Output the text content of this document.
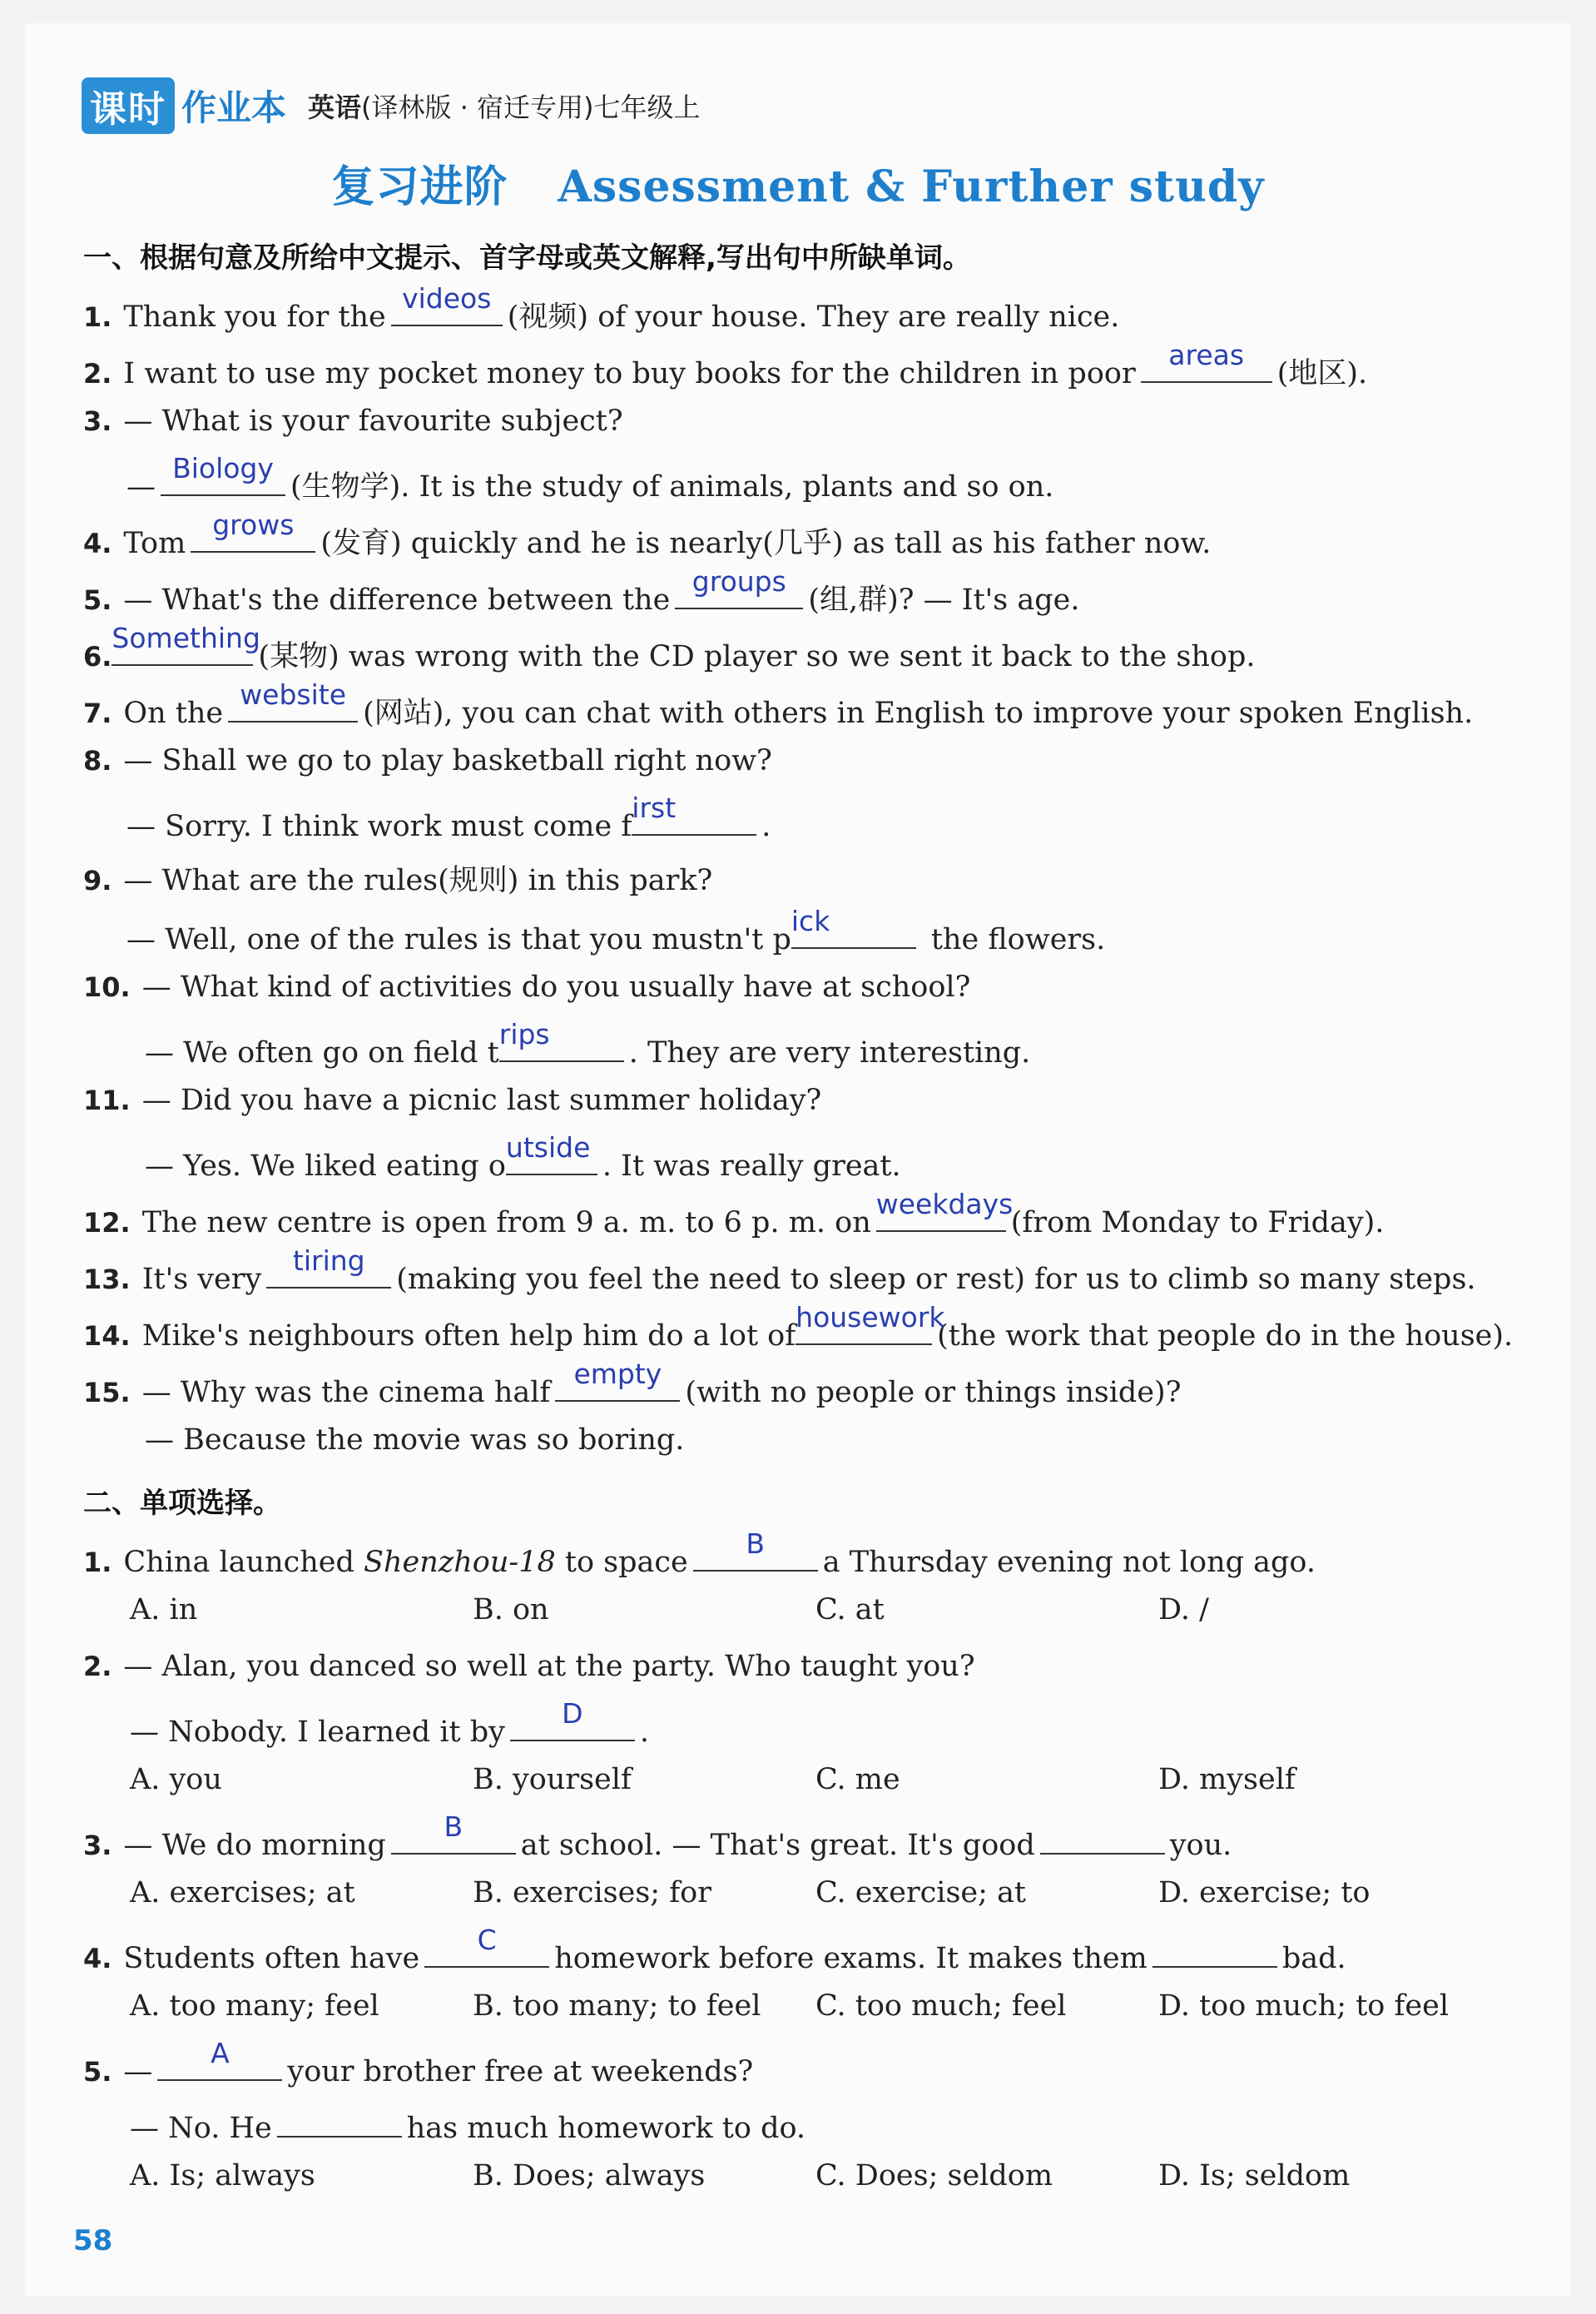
课时 作业本 英语(译林版 · 宿迁专用)七年级上
复习进阶 Assessment & Further study
一、根据句意及所给中文提示、首字母或英文解释,写出句中所缺单词。
1. Thank you for the
videos
(视频) of your house. They are really nice.
2. I want to use my pocket money to buy books for the children in poor
areas
(地区).
3. — What is your favourite subject?
—
Biology
(生物学). It is the study of animals, plants and so on.
4. Tom
grows
(发育) quickly and he is nearly(几乎) as tall as his father now.
5. — What's the difference between the
groups
(组,群)? — It's age.
6.
Something
(某物) was wrong with the CD player so we sent it back to the shop.
7. On the
website
(网站), you can chat with others in English to improve your spoken English.
8. — Shall we go to play basketball right now?
— Sorry. I think work must come f
irst
.
9. — What are the rules(规则) in this park?
— Well, one of the rules is that you mustn't p
ick
the flowers.
10. — What kind of activities do you usually have at school?
— We often go on field t
rips
. They are very interesting.
11. — Did you have a picnic last summer holiday?
— Yes. We liked eating o
utside
. It was really great.
12. The new centre is open from 9 a. m. to 6 p. m. on
weekdays
(from Monday to Friday).
13. It's very
tiring
(making you feel the need to sleep or rest) for us to climb so many steps.
14. Mike's neighbours often help him do a lot of
housework
(the work that people do in the house).
15. — Why was the cinema half
empty
(with no people or things inside)?
— Because the movie was so boring.
二、单项选择。
1. China launched Shenzhou-18 to space
B
a Thursday evening not long ago.
A. in	B. on	C. at	D. /
2. — Alan, you danced so well at the party. Who taught you?
— Nobody. I learned it by
D
.
A. you	B. yourself	C. me	D. myself
3. — We do morning
B
at school. — That's great. It's good	you.
A. exercises; at	B. exercises; for	C. exercise; at	D. exercise; to
4. Students often have
C
homework before exams. It makes them	bad.
A. too many; feel	B. too many; to feel C. too much; feel	D. too much; to feel
5. —
A
your brother free at weekends?
— No. He	has much homework to do.
A. Is; always	B. Does; always	C. Does; seldom	D. Is; seldom
58
